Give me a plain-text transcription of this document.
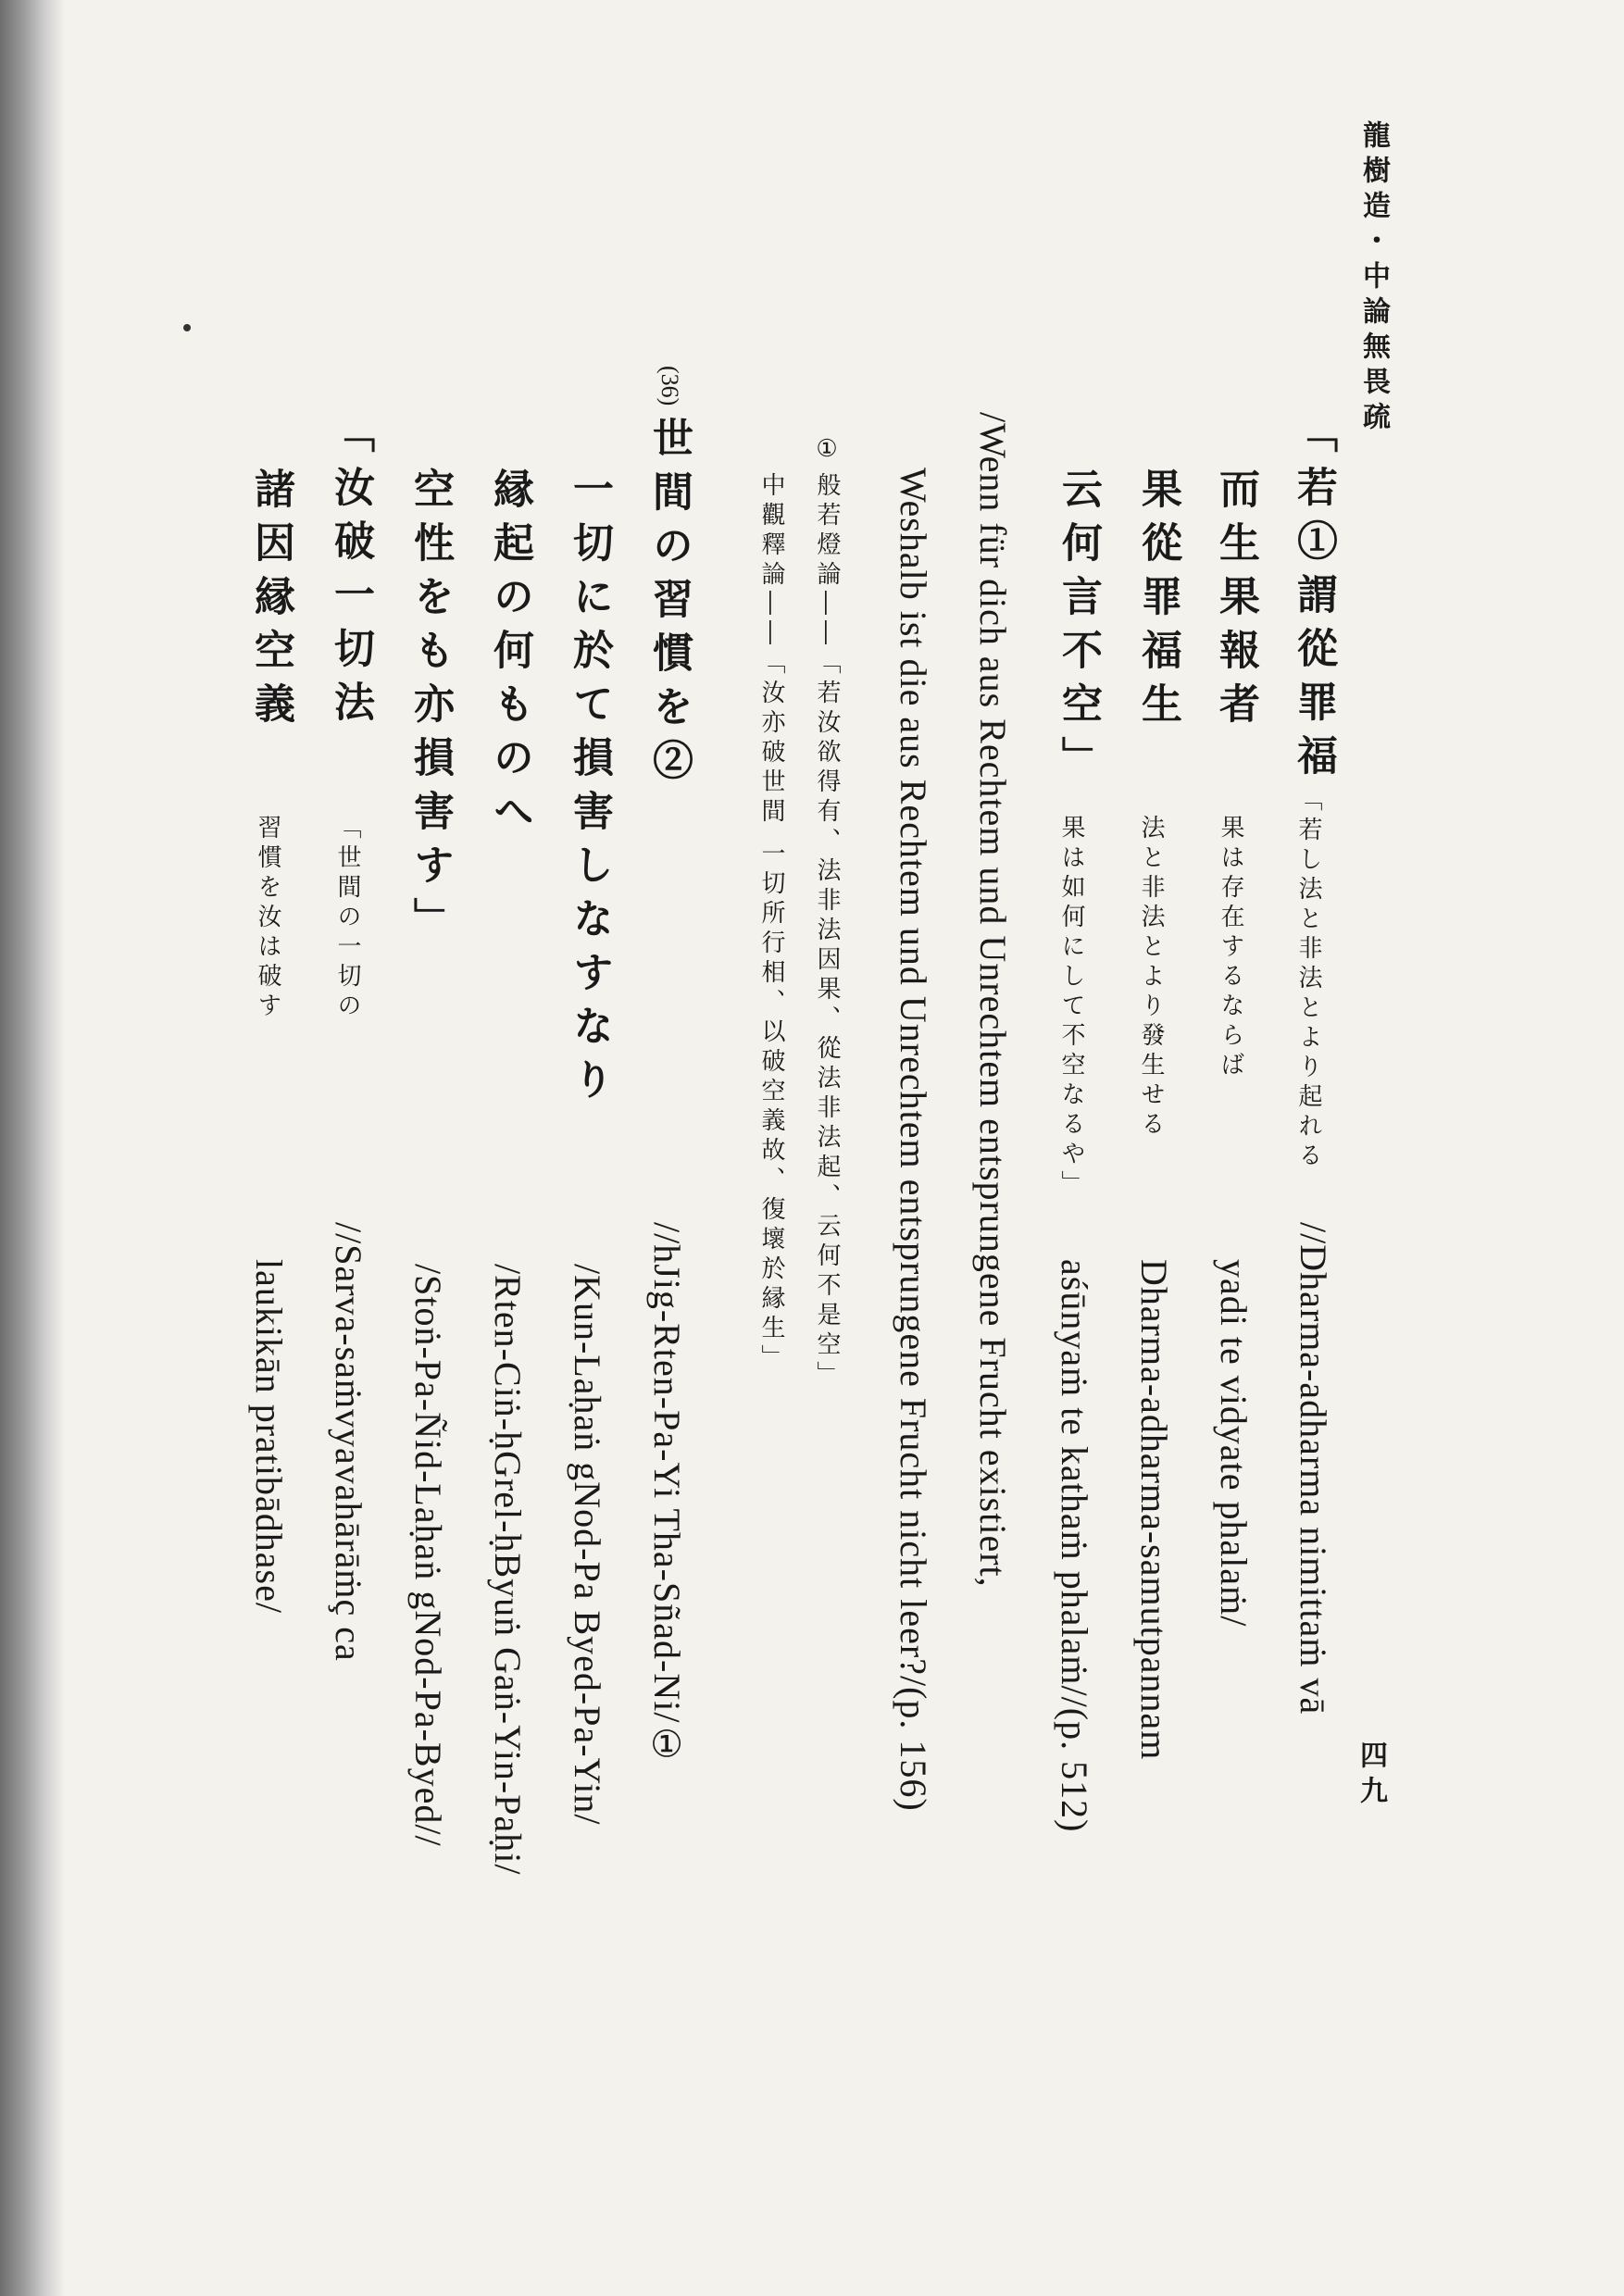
龍樹造・中論無畏疏
四九
「若①謂從罪福
而生果報者
果從罪福生
云何言不空」
「若し法と非法とより起れる
果は存在するならば
法と非法とより發生せる
果は如何にして不空なるや」
//Dharma-adharma nimittaṁ vā
yadi te vidyate phalaṁ/
Dharma-adharma-samutpannam
aśūnyaṁ te kathaṁ phalaṁ//(p. 512)
/Wenn für dich aus Rechtem und Unrechtem entsprungene Frucht existiert,
Weshalb ist die aus Rechtem und Unrechtem entsprungene Frucht nicht leer?/(p. 156)
①
般若燈論――「若汝欲得有、法非法因果、從法非法起、云何不是空」
中觀釋論――「汝亦破世間 一切所行相、以破空義故、復壞於縁生」
(36)
世間の習慣を②
一切に於て損害しなすなり
縁起の何ものへ
空性をも亦損害す」
「汝破一切法
諸因縁空義
「世間の一切の
習慣を汝は破す
//hJig-Rten-Pa-Yi Tha-Sñad-Ni/①
/Kun-Laḥaṅ gNod-Pa Byed-Pa-Yin/
/Rten-Ciṅ-ḥGrel-ḥByuṅ Gaṅ-Yin-Paḥi/
/Stoṅ-Pa-Ñid-Laḥaṅ gNod-Pa-Byed//
//Sarva-saṁvyavahārāṁç ca
laukikān pratibādhase/
